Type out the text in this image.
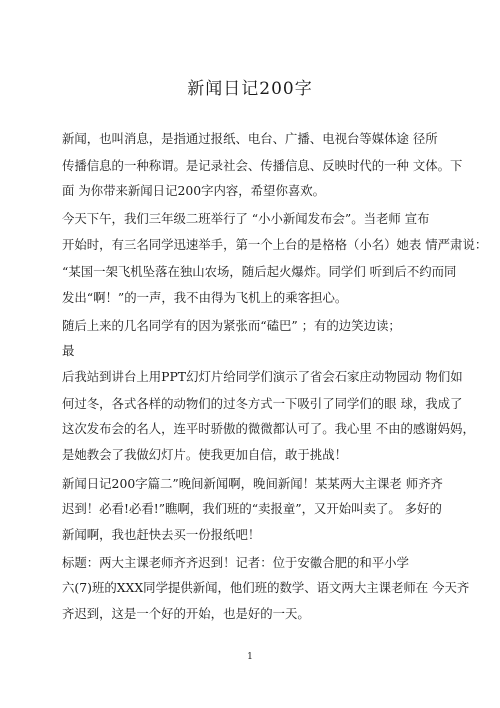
新闻日记200字
新闻，也叫消息，是指通过报纸、电台、广播、电视台等媒体途 径所
传播信息的一种称谓。是记录社会、传播信息、反映时代的一种 文体。下
面 为你带来新闻日记200字内容，希望你喜欢。
今天下午，我们三年级二班举行了 “小小新闻发布会”。当老师 宣布
开始时，有三名同学迅速举手，第一个上台的是格格（小名）她表 情严肃说：
“某国一架飞机坠落在独山农场，随后起火爆炸。同学们 听到后不约而同
发出“啊！”的一声，我不由得为飞机上的乘客担心。
随后上来的几名同学有的因为紧张而“磕巴” ；有的边笑边读；
最
后我站到讲台上用PPT幻灯片给同学们演示了省会石家庄动物园动 物们如
何过冬，各式各样的动物们的过冬方式一下吸引了同学们的眼 球，我成了
这次发布会的名人，连平时骄傲的微微都认可了。我心里 不由的感谢妈妈，
是她教会了我做幻灯片。使我更加自信，敢于挑战！
新闻日记200字篇二”晚间新闻啊，晚间新闻！某某两大主课老 师齐齐
迟到！必看!必看!”瞧啊，我们班的“卖报童”，又开始叫卖了。 多好的
新闻啊，我也赶快去买一份报纸吧！
标题：两大主课老师齐齐迟到！记者：位于安徽合肥的和平小学
六(7)班的XXX同学提供新闻，他们班的数学、语文两大主课老师在 今天齐
齐迟到，这是一个好的开始，也是好的一天。
1
